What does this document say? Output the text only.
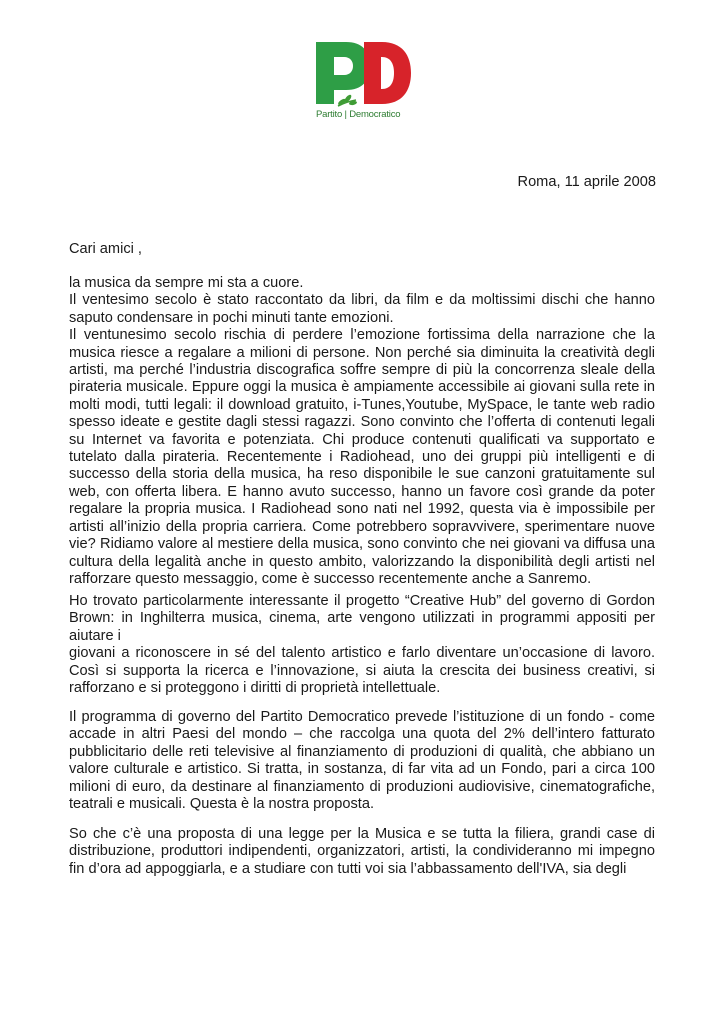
Partito | Democratico
Roma, 11 aprile 2008

Cari amici ,

la musica da sempre mi sta a cuore.
Il ventesimo secolo è stato raccontato da libri, da film e da moltissimi dischi che hanno saputo condensare in pochi minuti tante emozioni.
Il ventunesimo secolo rischia di perdere l’emozione fortissima della narrazione che la musica riesce a regalare a milioni di persone. Non perché sia diminuita la creatività degli artisti, ma perché l’industria discografica soffre sempre di più la concorrenza sleale della pirateria musicale. Eppure oggi la musica è ampiamente accessibile ai giovani sulla rete in molti modi, tutti legali: il download gratuito, i-Tunes,Youtube, MySpace, le tante web radio spesso ideate e gestite dagli stessi ragazzi. Sono convinto che l’offerta di contenuti legali su Internet va favorita e potenziata. Chi produce contenuti qualificati va supportato e tutelato dalla pirateria. Recentemente i Radiohead, uno dei gruppi più intelligenti e di successo della storia della musica, ha reso disponibile le sue canzoni gratuitamente sul web, con offerta libera. E hanno avuto successo, hanno un favore così grande da poter regalare la propria musica. I Radiohead sono nati nel 1992, questa via è impossibile per artisti all’inizio della propria carriera. Come potrebbero sopravvivere, sperimentare nuove vie? Ridiamo valore al mestiere della musica, sono convinto che nei giovani va diffusa una cultura della legalità anche in questo ambito, valorizzando la disponibilità degli artisti nel rafforzare questo messaggio, come è successo recentemente anche a Sanremo.

Ho trovato particolarmente interessante il progetto “Creative Hub” del governo di Gordon Brown: in Inghilterra musica, cinema, arte vengono utilizzati in programmi appositi per aiutare i
giovani a riconoscere in sé del talento artistico e farlo diventare un’occasione di lavoro. Così si supporta la ricerca e l’innovazione, si aiuta la crescita dei business creativi, si rafforzano e si proteggono i diritti di proprietà intellettuale.

Il programma di governo del Partito Democratico prevede l’istituzione di un fondo - come accade in altri Paesi del mondo – che raccolga una quota del 2% dell’intero fatturato pubblicitario delle reti televisive al finanziamento di produzioni di qualità, che abbiano un valore culturale e artistico. Si tratta, in sostanza, di far vita ad un Fondo, pari a circa 100 milioni di euro, da destinare al finanziamento di produzioni audiovisive, cinematografiche, teatrali e musicali. Questa è la nostra proposta.

So che c’è una proposta di una legge per la Musica e se tutta la filiera, grandi case di distribuzione, produttori indipendenti, organizzatori, artisti, la condivideranno mi impegno fin d’ora ad appoggiarla, e a studiare con tutti voi sia l’abbassamento dell'IVA, sia degli
